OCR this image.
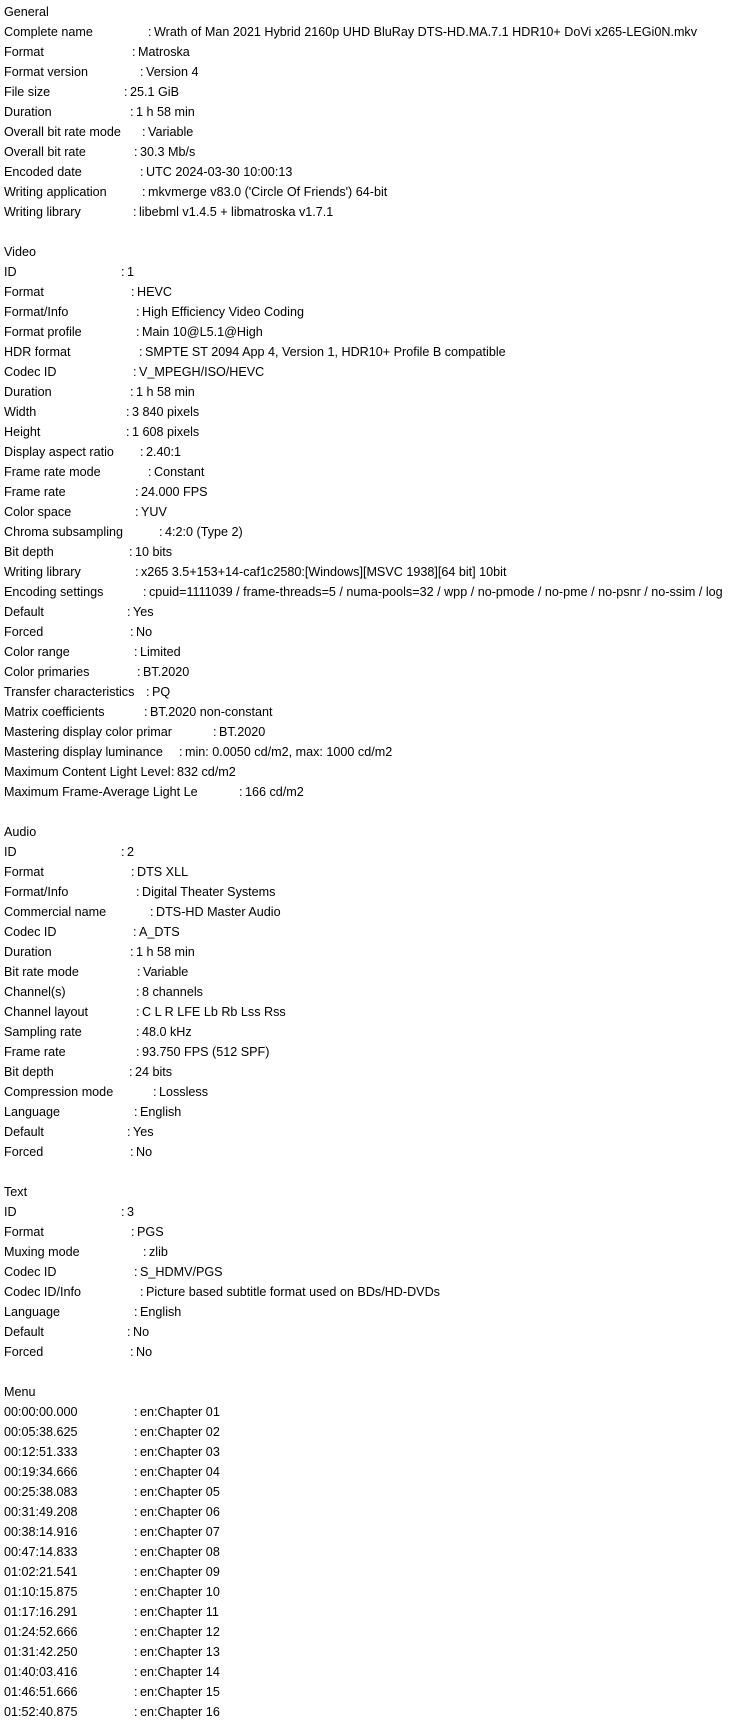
General
Complete name	: Wrath of Man 2021 Hybrid 2160p UHD BluRay DTS-HD.MA.7.1 HDR10+ DoVi x265-LEGi0N.mkv
Format	: Matroska
Format version	: Version 4
File size	: 25.1 GiB
Duration	: 1 h 58 min
Overall bit rate mode : Variable
Overall bit rate	: 30.3 Mb/s
Encoded date	: UTC 2024-03-30 10:00:13
Writing application	: mkvmerge v83.0 ('Circle Of Friends') 64-bit
Writing library	: libebml v1.4.5 + libmatroska v1.7.1
Video
ID	: 1
Format	: HEVC
Format/Info	: High Efficiency Video Coding
Format profile	: Main 10@L5.1@High
HDR format	: SMPTE ST 2094 App 4, Version 1, HDR10+ Profile B compatible
Codec ID	: V_MPEGH/ISO/HEVC
Duration	: 1 h 58 min
Width	: 3 840 pixels
Height	: 1 608 pixels
Display aspect ratio : 2.40:1
Frame rate mode	: Constant
Frame rate	: 24.000 FPS
Color space	: YUV
Chroma subsampling	: 4:2:0 (Type 2)
Bit depth	: 10 bits
Writing library	: x265 3.5+153+14-caf1c2580:[Windows][MSVC 1938][64 bit] 10bit
Encoding settings	: cpuid=1111039 / frame-threads=5 / numa-pools=32 / wpp / no-pmode / no-pme / no-psnr / no-ssim / log
Default	: Yes
Forced	: No
Color range	: Limited
Color primaries	: BT.2020
Transfer characteristics : PQ
Matrix coefficients	: BT.2020 non-constant
Mastering display color primar	: BT.2020
Mastering display luminance : min: 0.0050 cd/m2, max: 1000 cd/m2
Maximum Content Light Level : 832 cd/m2
Maximum Frame-Average Light Le	: 166 cd/m2
Audio
ID	: 2
Format	: DTS XLL
Format/Info	: Digital Theater Systems
Commercial name	: DTS-HD Master Audio
Codec ID	: A_DTS
Duration	: 1 h 58 min
Bit rate mode	: Variable
Channel(s)	: 8 channels
Channel layout	: C L R LFE Lb Rb Lss Rss
Sampling rate	: 48.0 kHz
Frame rate	: 93.750 FPS (512 SPF)
Bit depth	: 24 bits
Compression mode	: Lossless
Language	: English
Default	: Yes
Forced	: No
Text
ID	: 3
Format	: PGS
Muxing mode	: zlib
Codec ID	: S_HDMV/PGS
Codec ID/Info	: Picture based subtitle format used on BDs/HD-DVDs
Language	: English
Default	: No
Forced	: No
Menu
00:00:00.000	: en:Chapter 01
00:05:38.625	: en:Chapter 02
00:12:51.333	: en:Chapter 03
00:19:34.666	: en:Chapter 04
00:25:38.083	: en:Chapter 05
00:31:49.208	: en:Chapter 06
00:38:14.916	: en:Chapter 07
00:47:14.833	: en:Chapter 08
01:02:21.541	: en:Chapter 09
01:10:15.875	: en:Chapter 10
01:17:16.291	: en:Chapter 11
01:24:52.666	: en:Chapter 12
01:31:42.250	: en:Chapter 13
01:40:03.416	: en:Chapter 14
01:46:51.666	: en:Chapter 15
01:52:40.875	: en:Chapter 16
